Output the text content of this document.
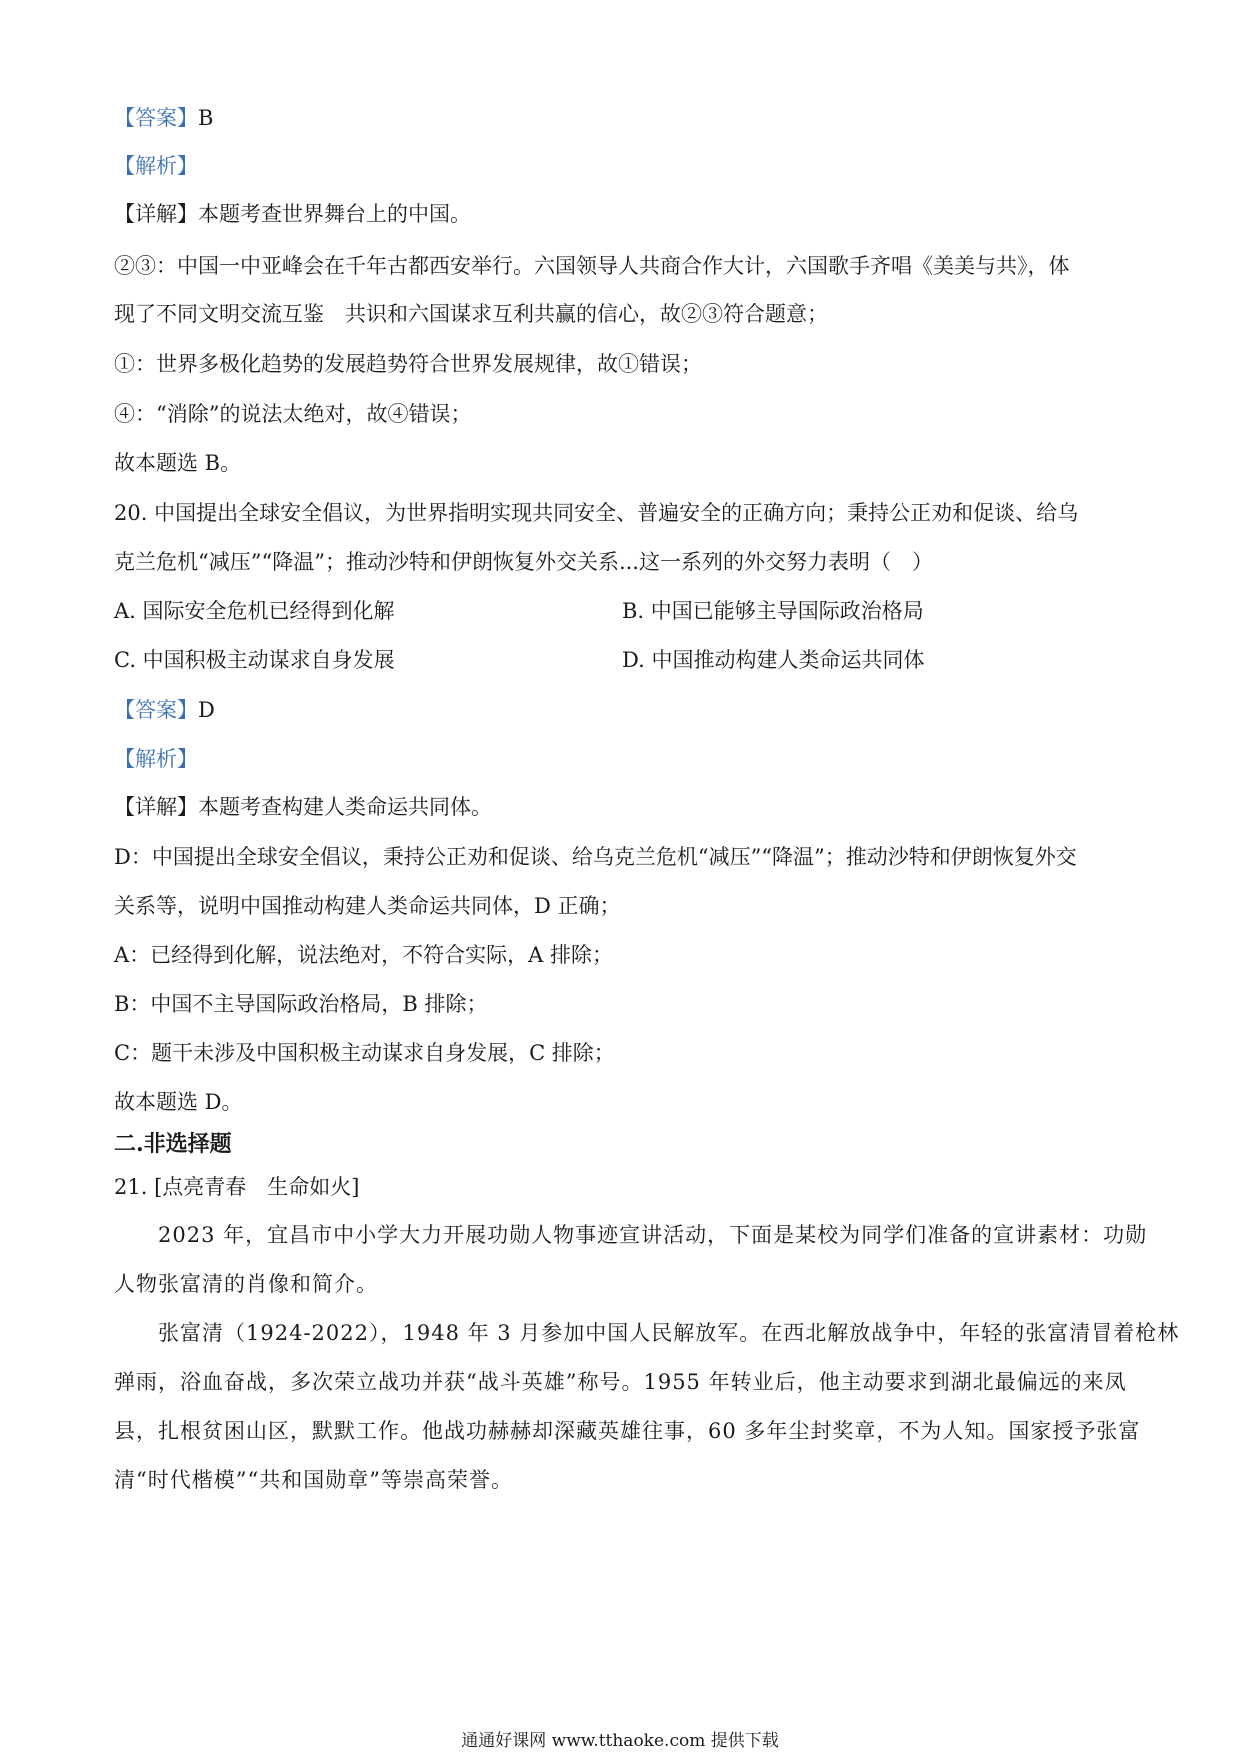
【答案】B
【解析】
【详解】本题考查世界舞台上的中国。
②③：中国一中亚峰会在千年古都西安举行。六国领导人共商合作大计，六国歌手齐唱《美美与共》，体
现了不同文明交流互鉴　共识和六国谋求互利共赢的信心，故②③符合题意；
①：世界多极化趋势的发展趋势符合世界发展规律，故①错误；
④：“消除”的说法太绝对，故④错误；
故本题选 B。
20. 中国提出全球安全倡议，为世界指明实现共同安全、普遍安全的正确方向；秉持公正劝和促谈、给乌
克兰危机“减压”“降温”；推动沙特和伊朗恢复外交关系...这一系列的外交努力表明（　）
A. 国际安全危机已经得到化解	B. 中国已能够主导国际政治格局
C. 中国积极主动谋求自身发展	D. 中国推动构建人类命运共同体
【答案】D
【解析】
【详解】本题考查构建人类命运共同体。
D：中国提出全球安全倡议，秉持公正劝和促谈、给乌克兰危机“减压”“降温”；推动沙特和伊朗恢复外交
关系等，说明中国推动构建人类命运共同体，D 正确；
A：已经得到化解，说法绝对，不符合实际，A 排除；
B：中国不主导国际政治格局，B 排除；
C：题干未涉及中国积极主动谋求自身发展，C 排除；
故本题选 D。
二.非选择题
21. [点亮青春　生命如火]
2023 年，宜昌市中小学大力开展功勋人物事迹宣讲活动，下面是某校为同学们准备的宣讲素材：功勋
人物张富清的肖像和简介。
张富清（1924-2022），1948 年 3 月参加中国人民解放军。在西北解放战争中，年轻的张富清冒着枪林
弹雨，浴血奋战，多次荣立战功并获“战斗英雄”称号。1955 年转业后，他主动要求到湖北最偏远的来凤
县，扎根贫困山区，默默工作。他战功赫赫却深藏英雄往事，60 多年尘封奖章，不为人知。国家授予张富
清“时代楷模”“共和国勋章”等崇高荣誉。
通通好课网 www.tthaoke.com 提供下载
